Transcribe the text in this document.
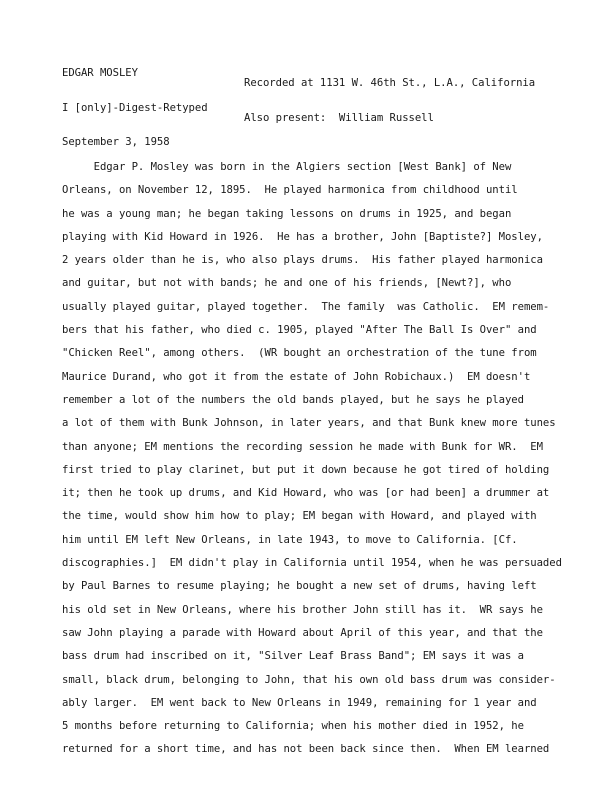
EDGAR MOSLEY

I [only]-Digest-Retyped

September 3, 1958

Recorded at 1131 W. 46th St., L.A., California

Also present:  William Russell

Edgar P. Mosley was born in the Algiers section [West Bank] of New
Orleans, on November 12, 1895.  He played harmonica from childhood until
he was a young man; he began taking lessons on drums in 1925, and began
playing with Kid Howard in 1926.  He has a brother, John [Baptiste?] Mosley,
2 years older than he is, who also plays drums.  His father played harmonica
and guitar, but not with bands; he and one of his friends, [Newt?], who
usually played guitar, played together.  The family  was Catholic.  EM remem-
bers that his father, who died c. 1905, played "After The Ball Is Over" and
"Chicken Reel", among others.  (WR bought an orchestration of the tune from
Maurice Durand, who got it from the estate of John Robichaux.)  EM doesn't
remember a lot of the numbers the old bands played, but he says he played
a lot of them with Bunk Johnson, in later years, and that Bunk knew more tunes
than anyone; EM mentions the recording session he made with Bunk for WR.  EM
first tried to play clarinet, but put it down because he got tired of holding
it; then he took up drums, and Kid Howard, who was [or had been] a drummer at
the time, would show him how to play; EM began with Howard, and played with
him until EM left New Orleans, in late 1943, to move to California. [Cf.
discographies.]  EM didn't play in California until 1954, when he was persuaded
by Paul Barnes to resume playing; he bought a new set of drums, having left
his old set in New Orleans, where his brother John still has it.  WR says he
saw John playing a parade with Howard about April of this year, and that the
bass drum had inscribed on it, "Silver Leaf Brass Band"; EM says it was a
small, black drum, belonging to John, that his own old bass drum was consider-
ably larger.  EM went back to New Orleans in 1949, remaining for 1 year and
5 months before returning to California; when his mother died in 1952, he
returned for a short time, and has not been back since then.  When EM learned
